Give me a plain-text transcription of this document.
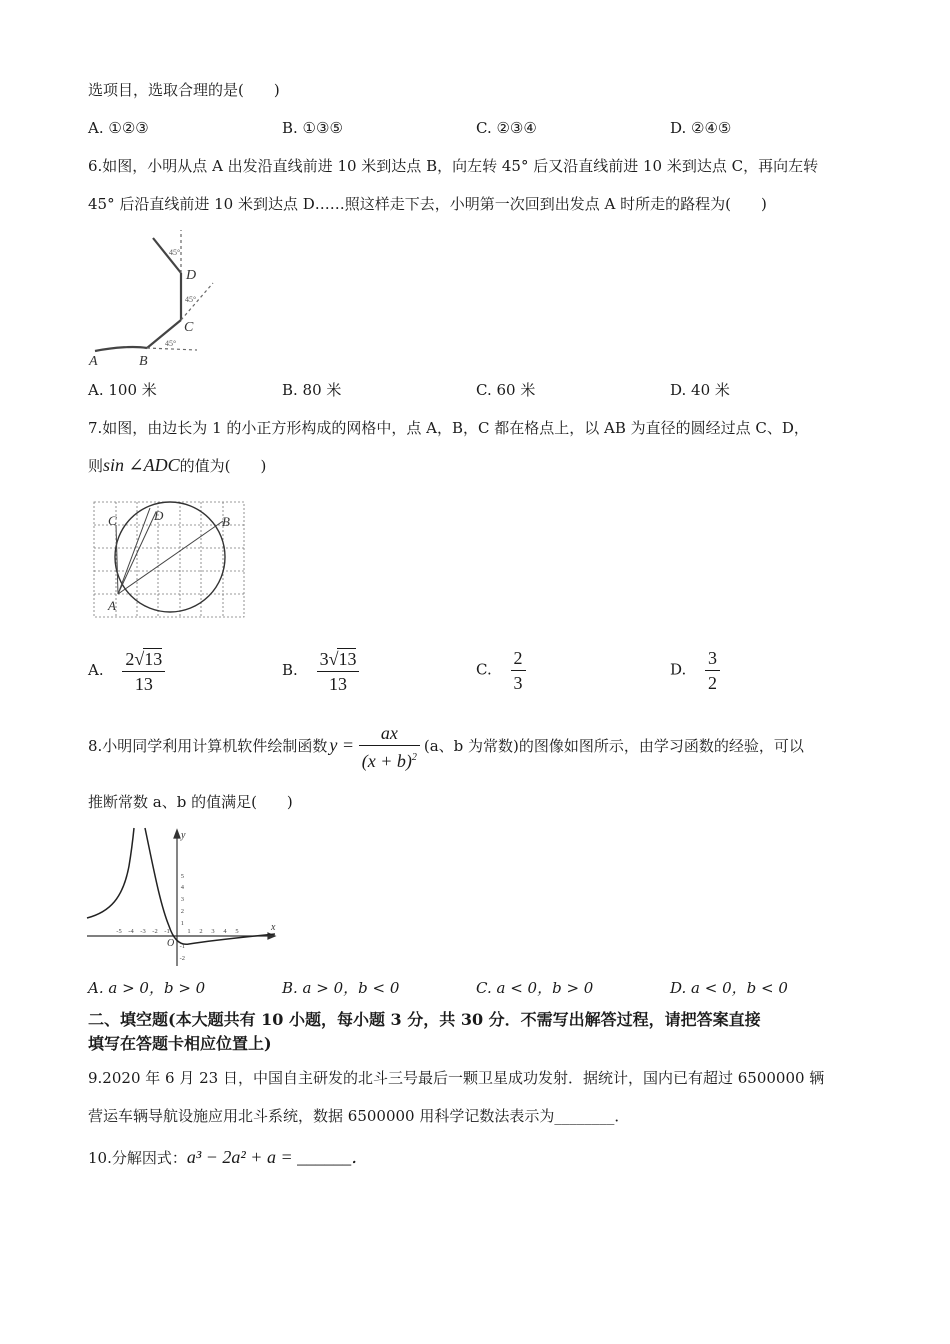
选项目，选取合理的是(　　)
A. ①②③	B. ①③⑤	C. ②③④	D. ②④⑤
6.如图，小明从点 A 出发沿直线前进 10 米到达点 B，向左转 45° 后又沿直线前进 10 米到达点 C，再向左转
45° 后沿直线前进 10 米到达点 D……照这样走下去，小明第一次回到出发点 A 时所走的路程为(　　)
A	B
C
D
45°
45°
45°
A. 100 米	B. 80 米	C. 60 米	D. 40 米
7.如图，由边长为 1 的小正方形构成的网格中，点 A，B，C 都在格点上，以 AB 为直径的圆经过点 C、D，
则sin ∠ADC的值为(　　)
A
B
C	D
A. $\frac{2√13}{13}$	B. $\frac{3√13}{13}$	C. $\frac{2}{3}$	D. $\frac{3}{2}$
8.小明同学利用计算机软件绘制函数 $y = \frac{ax}{(x + b)^2} (a$、b 为常数)的图像如图所示，由学习函数的经验，可以
推断常数 a、b 的值满足(　　)
-5 -4 -3 -2 -1	1 2 3 4 5
5
4
3
2
1
-1
-2
x
y
O
A. a > 0，b > 0	B. a > 0，b < 0	C. a < 0，b > 0	D. a < 0，b < 0
二、填空题(本大题共有 10 小题，每小题 3 分，共 30 分．不需写出解答过程，请把答案直接
填写在答题卡相应位置上)
9.2020 年 6 月 23 日，中国自主研发的北斗三号最后一颗卫星成功发射．据统计，国内已有超过 6500000 辆
营运车辆导航设施应用北斗系统，数据 6500000 用科学记数法表示为________．
10.分解因式：a³ − 2a² + a = ______．
